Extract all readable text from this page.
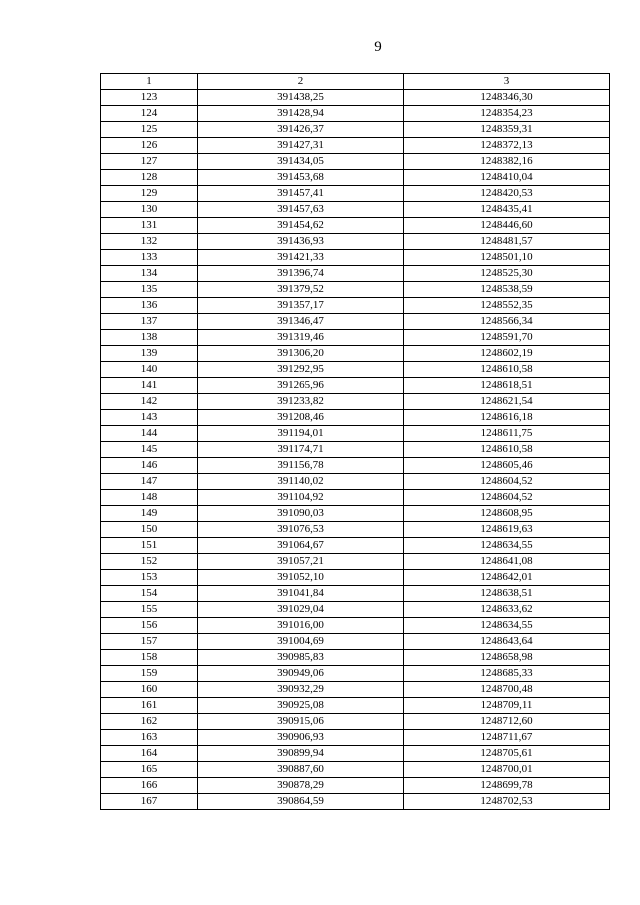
9
1	2	3
123	391438,25	1248346,30
124	391428,94	1248354,23
125	391426,37	1248359,31
126	391427,31	1248372,13
127	391434,05	1248382,16
128	391453,68	1248410,04
129	391457,41	1248420,53
130	391457,63	1248435,41
131	391454,62	1248446,60
132	391436,93	1248481,57
133	391421,33	1248501,10
134	391396,74	1248525,30
135	391379,52	1248538,59
136	391357,17	1248552,35
137	391346,47	1248566,34
138	391319,46	1248591,70
139	391306,20	1248602,19
140	391292,95	1248610,58
141	391265,96	1248618,51
142	391233,82	1248621,54
143	391208,46	1248616,18
144	391194,01	1248611,75
145	391174,71	1248610,58
146	391156,78	1248605,46
147	391140,02	1248604,52
148	391104,92	1248604,52
149	391090,03	1248608,95
150	391076,53	1248619,63
151	391064,67	1248634,55
152	391057,21	1248641,08
153	391052,10	1248642,01
154	391041,84	1248638,51
155	391029,04	1248633,62
156	391016,00	1248634,55
157	391004,69	1248643,64
158	390985,83	1248658,98
159	390949,06	1248685,33
160	390932,29	1248700,48
161	390925,08	1248709,11
162	390915,06	1248712,60
163	390906,93	1248711,67
164	390899,94	1248705,61
165	390887,60	1248700,01
166	390878,29	1248699,78
167	390864,59	1248702,53
